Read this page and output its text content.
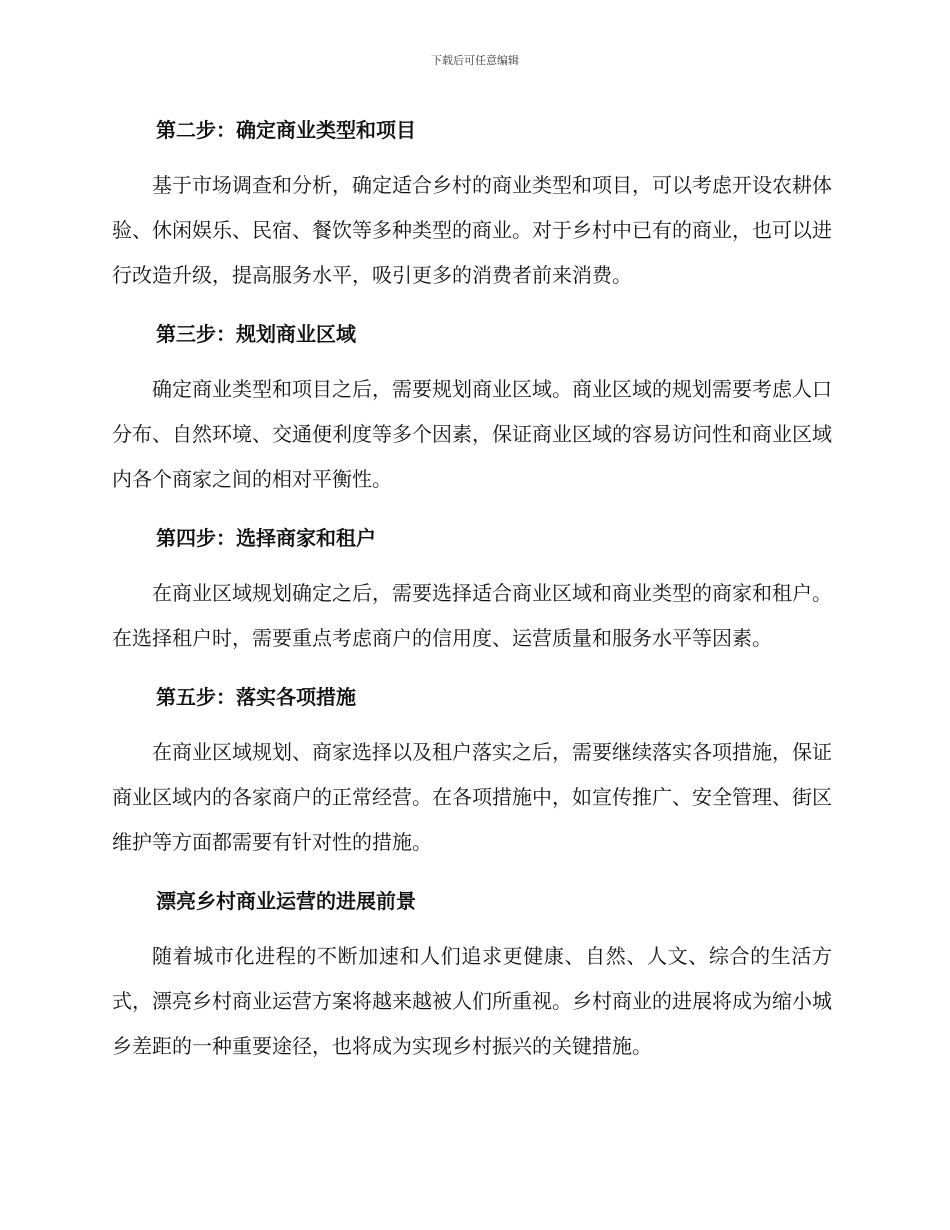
下载后可任意编辑
第二步：确定商业类型和项目

基于市场调查和分析，确定适合乡村的商业类型和项目，可以考虑开设农耕体验、休闲娱乐、民宿、餐饮等多种类型的商业。对于乡村中已有的商业，也可以进行改造升级，提高服务水平，吸引更多的消费者前来消费。

第三步：规划商业区域

确定商业类型和项目之后，需要规划商业区域。商业区域的规划需要考虑人口分布、自然环境、交通便利度等多个因素，保证商业区域的容易访问性和商业区域内各个商家之间的相对平衡性。

第四步：选择商家和租户

在商业区域规划确定之后，需要选择适合商业区域和商业类型的商家和租户。在选择租户时，需要重点考虑商户的信用度、运营质量和服务水平等因素。

第五步：落实各项措施

在商业区域规划、商家选择以及租户落实之后，需要继续落实各项措施，保证商业区域内的各家商户的正常经营。在各项措施中，如宣传推广、安全管理、街区维护等方面都需要有针对性的措施。

漂亮乡村商业运营的进展前景

随着城市化进程的不断加速和人们追求更健康、自然、人文、综合的生活方式，漂亮乡村商业运营方案将越来越被人们所重视。乡村商业的进展将成为缩小城乡差距的一种重要途径，也将成为实现乡村振兴的关键措施。
